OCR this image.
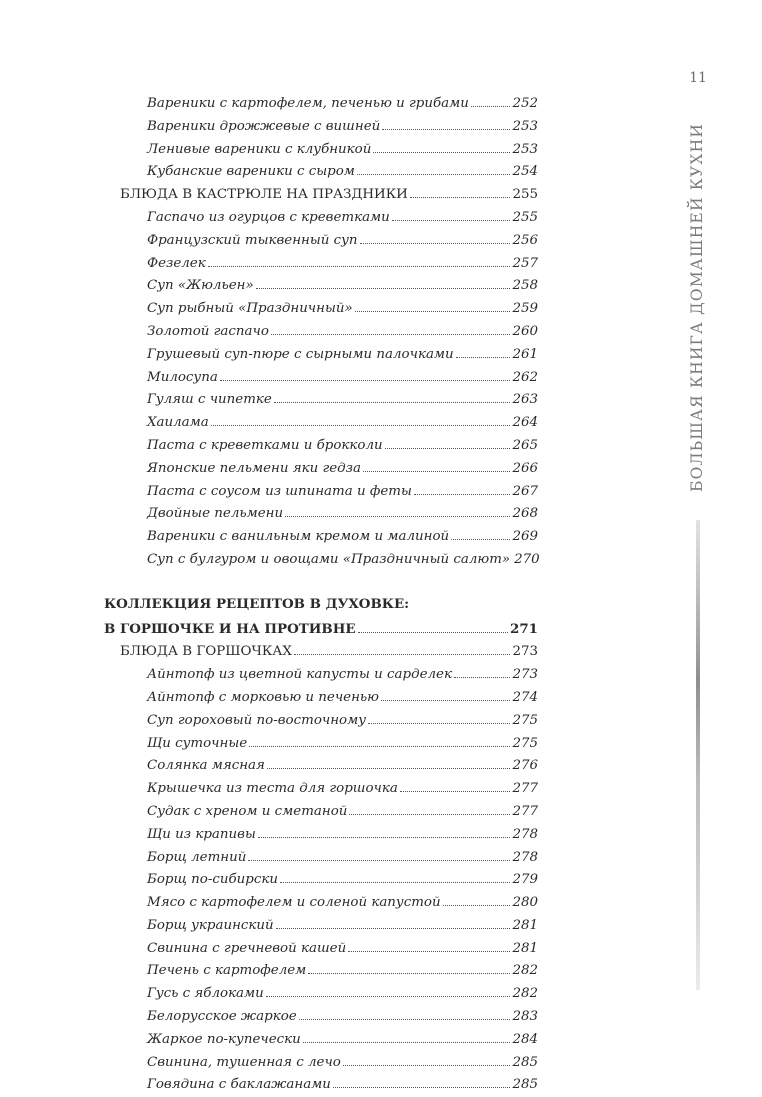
11
БОЛЬШАЯ КНИГА ДОМАШНЕЙ КУХНИ
Вареники с картофелем, печенью и грибами	252
Вареники дрожжевые с вишней	253
Ленивые вареники с клубникой	253
Кубанские вареники с сыром	254
БЛЮДА В КАСТРЮЛЕ НА ПРАЗДНИКИ	255
Гаспачо из огурцов с креветками	255
Французский тыквенный суп	256
Фезелек	257
Суп «Жюльен»	258
Суп рыбный «Праздничный»	259
Золотой гаспачо	260
Грушевый суп-пюре с сырными палочками	261
Милосупа	262
Гуляш с чипетке	263
Хаилама	264
Паста с креветками и брокколи	265
Японские пельмени яки гедза	266
Паста с соусом из шпината и феты	267
Двойные пельмени	268
Вареники с ванильным кремом и малиной	269
Суп с булгуром и овощами «Праздничный салют» 270
КОЛЛЕКЦИЯ РЕЦЕПТОВ В ДУХОВКЕ:
В ГОРШОЧКЕ И НА ПРОТИВНЕ	271
БЛЮДА В ГОРШОЧКАХ	273
Айнтопф из цветной капусты и сарделек	273
Айнтопф с морковью и печенью	274
Суп гороховый по-восточному	275
Щи суточные	275
Солянка мясная	276
Крышечка из теста для горшочка	277
Судак с хреном и сметаной	277
Щи из крапивы	278
Борщ летний	278
Борщ по-сибирски	279
Мясо с картофелем и соленой капустой	280
Борщ украинский	281
Свинина с гречневой кашей	281
Печень с картофелем	282
Гусь с яблоками	282
Белорусское жаркое	283
Жаркое по-купечески	284
Свинина, тушенная с лечо	285
Говядина с баклажанами	285
